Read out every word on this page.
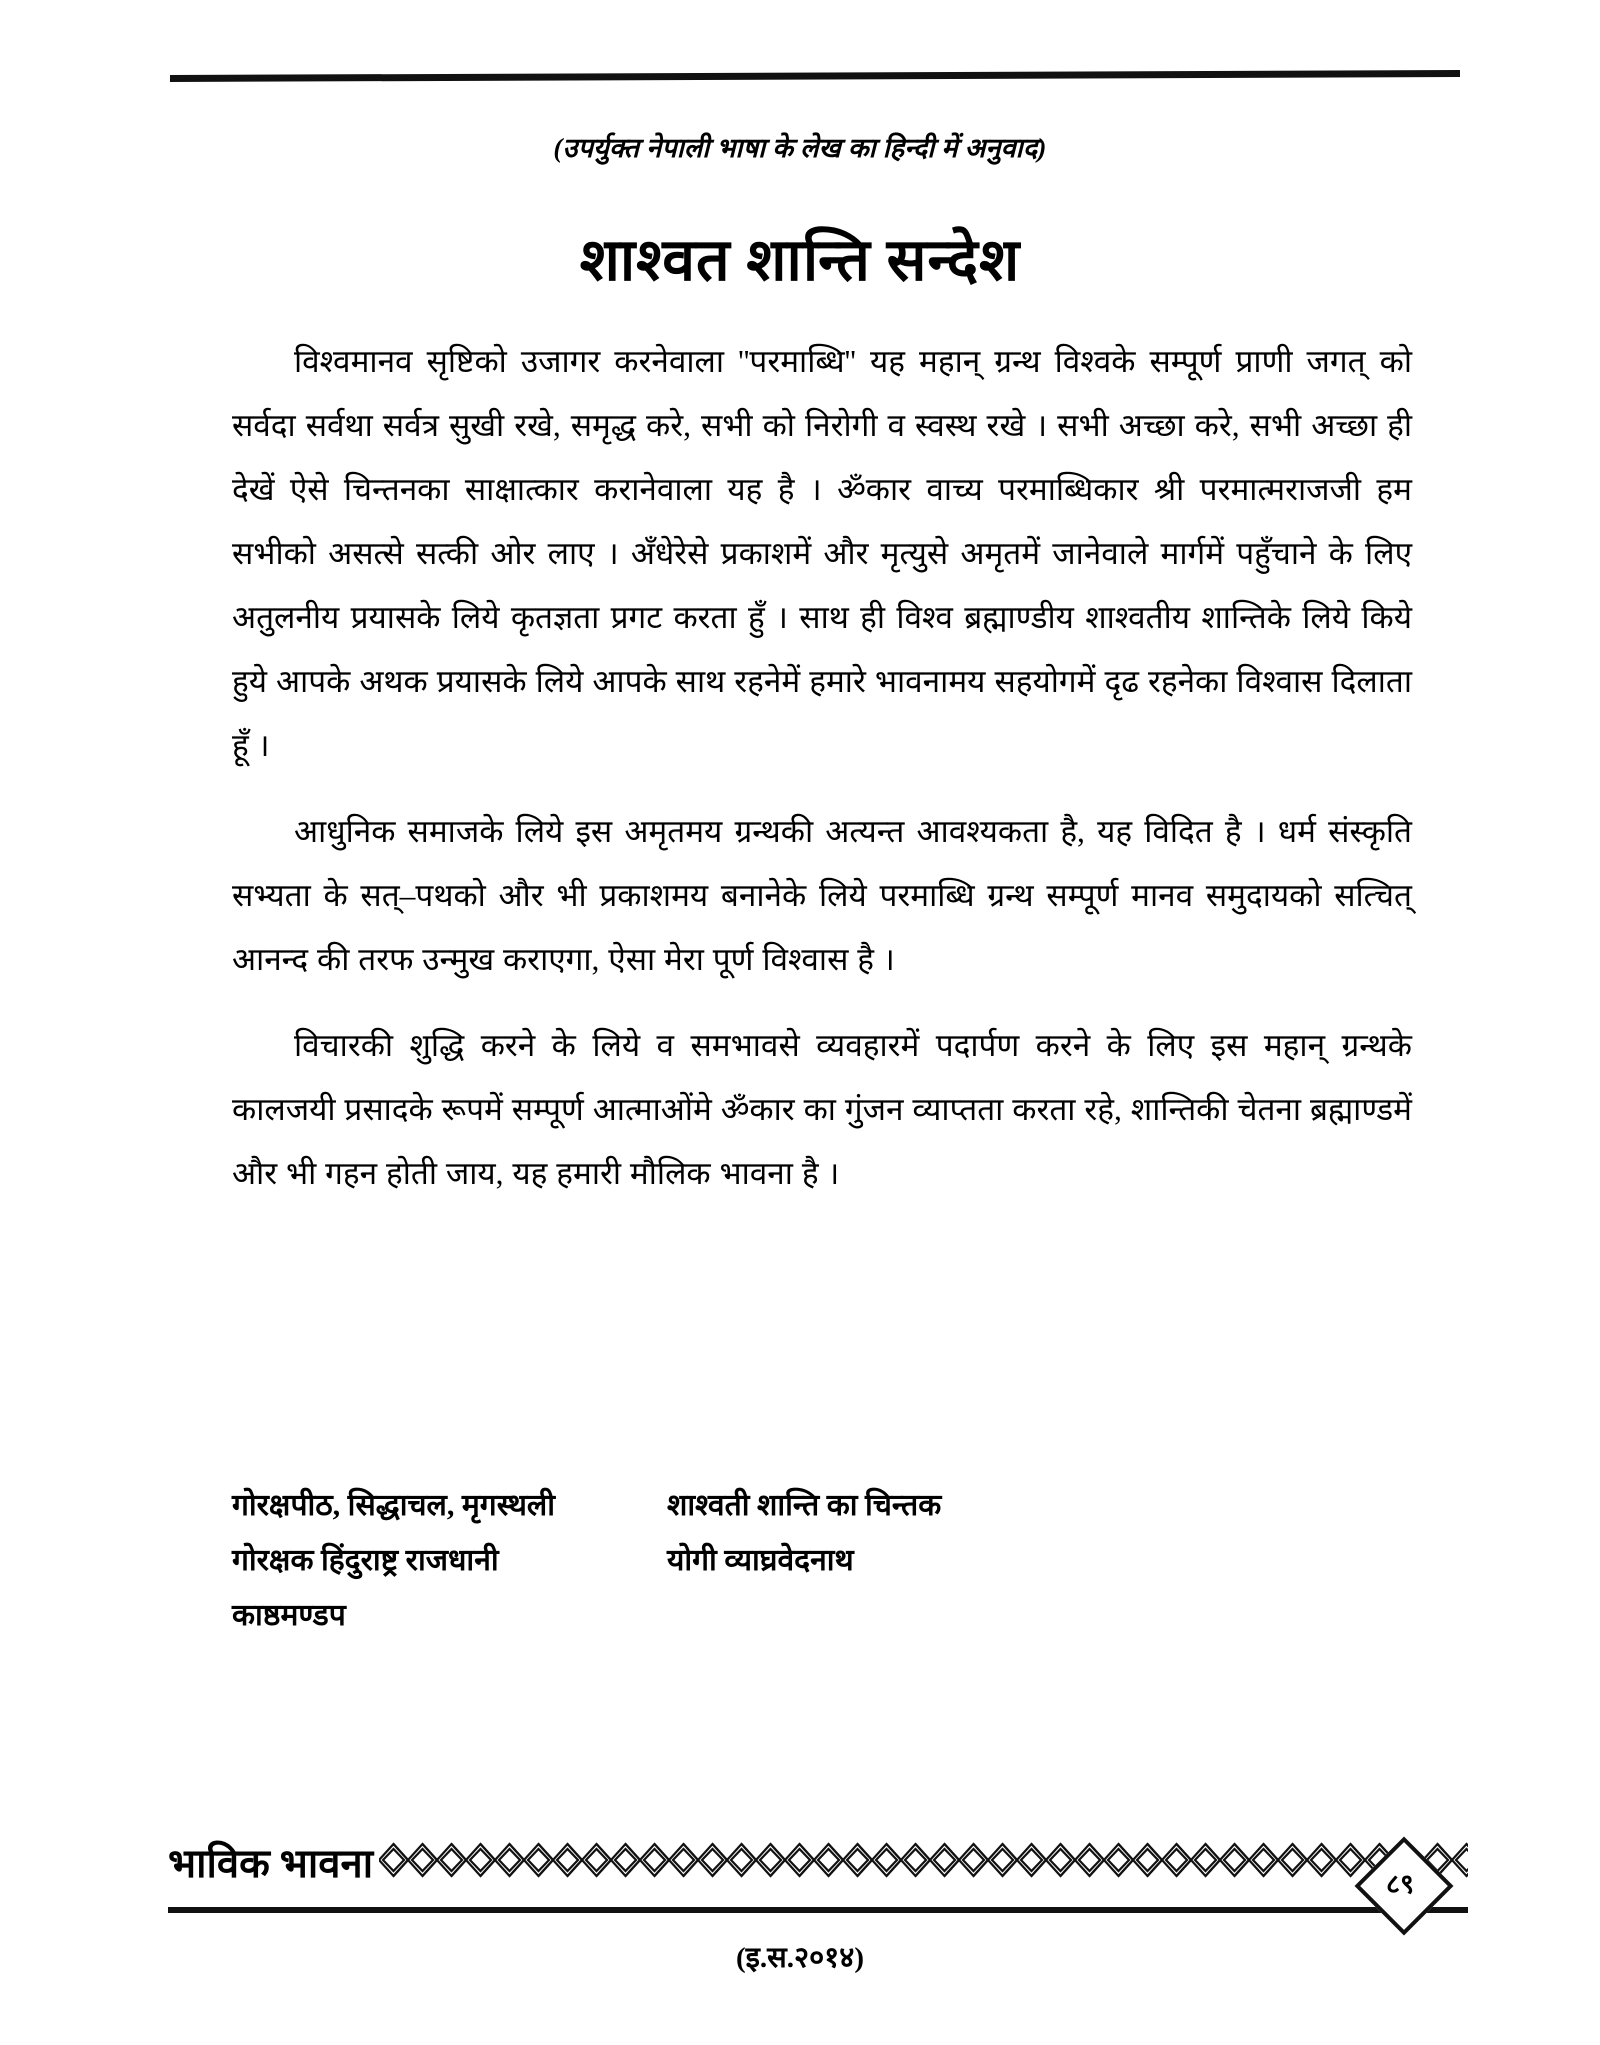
(उपर्युक्त नेपाली भाषा के लेख का हिन्दी में अनुवाद)
शाश्वत शान्ति सन्देश

विश्वमानव सृष्टिको उजागर करनेवाला ''परमाब्धि'' यह महान् ग्रन्थ विश्वके सम्पूर्ण प्राणी जगत् को सर्वदा सर्वथा सर्वत्र सुखी रखे, समृद्ध करे, सभी को निरोगी व स्वस्थ रखे । सभी अच्छा करे, सभी अच्छा ही देखें ऐसे चिन्तनका साक्षात्कार करानेवाला यह है । ॐकार वाच्य परमाब्धिकार श्री परमात्मराजजी हम सभीको असत्से सत्की ओर लाए । अँधेरेसे प्रकाशमें और मृत्युसे अमृतमें जानेवाले मार्गमें पहुँचाने के लिए अतुलनीय प्रयासके लिये कृतज्ञता प्रगट करता हुँ । साथ ही विश्व ब्रह्माण्डीय शाश्वतीय शान्तिके लिये किये हुये आपके अथक प्रयासके लिये आपके साथ रहनेमें हमारे भावनामय सहयोगमें दृढ रहनेका विश्वास दिलाता हूँ ।

आधुनिक समाजके लिये इस अमृतमय ग्रन्थकी अत्यन्त आवश्यकता है, यह विदित है । धर्म संस्कृति सभ्यता के सत्–पथको और भी प्रकाशमय बनानेके लिये परमाब्धि ग्रन्थ सम्पूर्ण मानव समुदायको सत्चित् आनन्द की तरफ उन्मुख कराएगा, ऐसा मेरा पूर्ण विश्वास है ।

विचारकी शुद्धि करने के लिये व समभावसे व्यवहारमें पदार्पण करने के लिए इस महान् ग्रन्थके कालजयी प्रसादके रूपमें सम्पूर्ण आत्माओंमे ॐकार का गुंजन व्याप्तता करता रहे, शान्तिकी चेतना ब्रह्माण्डमें और भी गहन होती जाय, यह हमारी मौलिक भावना है ।

गोरक्षपीठ, सिद्धाचल, मृगस्थली	शाश्वती शान्ति का चिन्तक
गोरक्षक हिंदुराष्ट्र राजधानी	योगी व्याघ्रवेदनाथ
काष्ठमण्डप
भाविक भावना	८९
(इ.स.२०१४)
